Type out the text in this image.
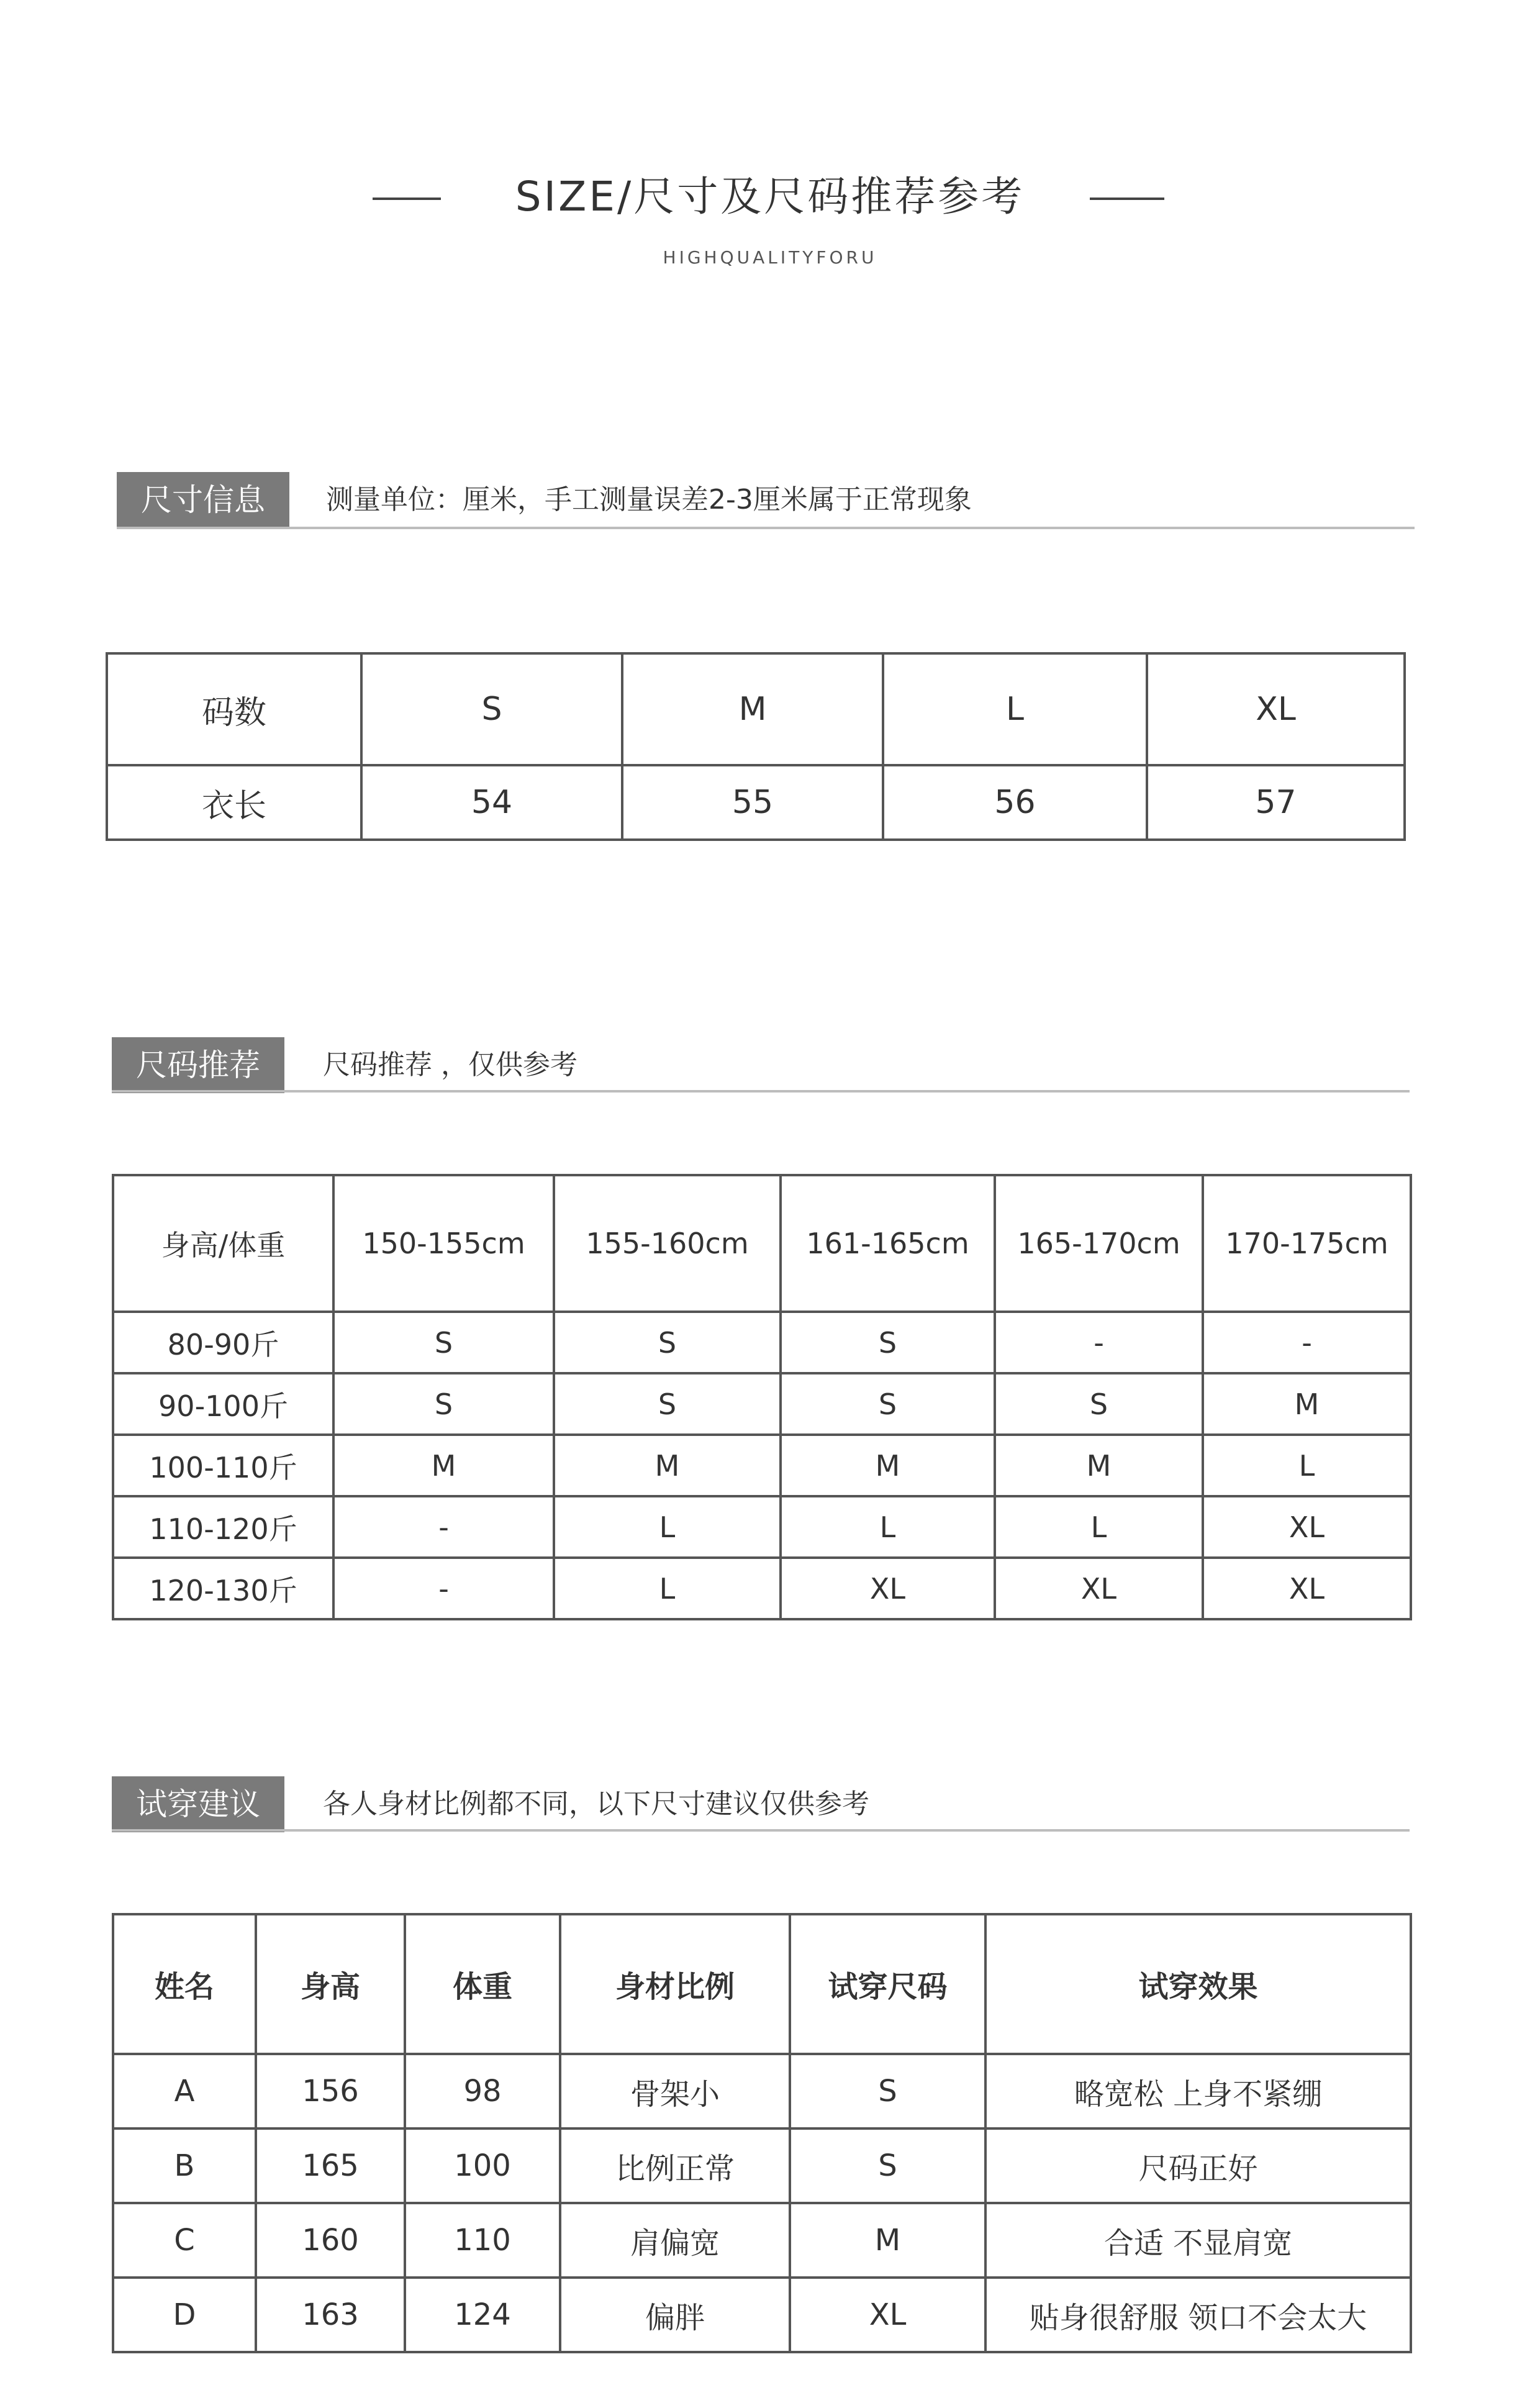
SIZE/尺寸及尺码推荐参考
HIGHQUALITYFORU
尺寸信息	测量单位：厘米，手工测量误差2-3厘米属于正常现象
码数	S	M	L	XL
衣长	54	55	56	57
尺码推荐	尺码推荐 ，仅供参考
身高/体重	150-155cm	155-160cm	161-165cm	165-170cm	170-175cm
80-90斤	S	S	S	-	-
90-100斤	S	S	S	S	M
100-110斤	M	M	M	M	L
110-120斤	-	L	L	L	XL
120-130斤	-	L	XL	XL	XL
试穿建议	各人身材比例都不同，以下尺寸建议仅供参考
姓名	身高	体重	身材比例	试穿尺码	试穿效果
A	156	98	骨架小	S	略宽松 上身不紧绷
B	165	100	比例正常	S	尺码正好
C	160	110	肩偏宽	M	合适 不显肩宽
D	163	124	偏胖	XL	贴身很舒服 领口不会太大
